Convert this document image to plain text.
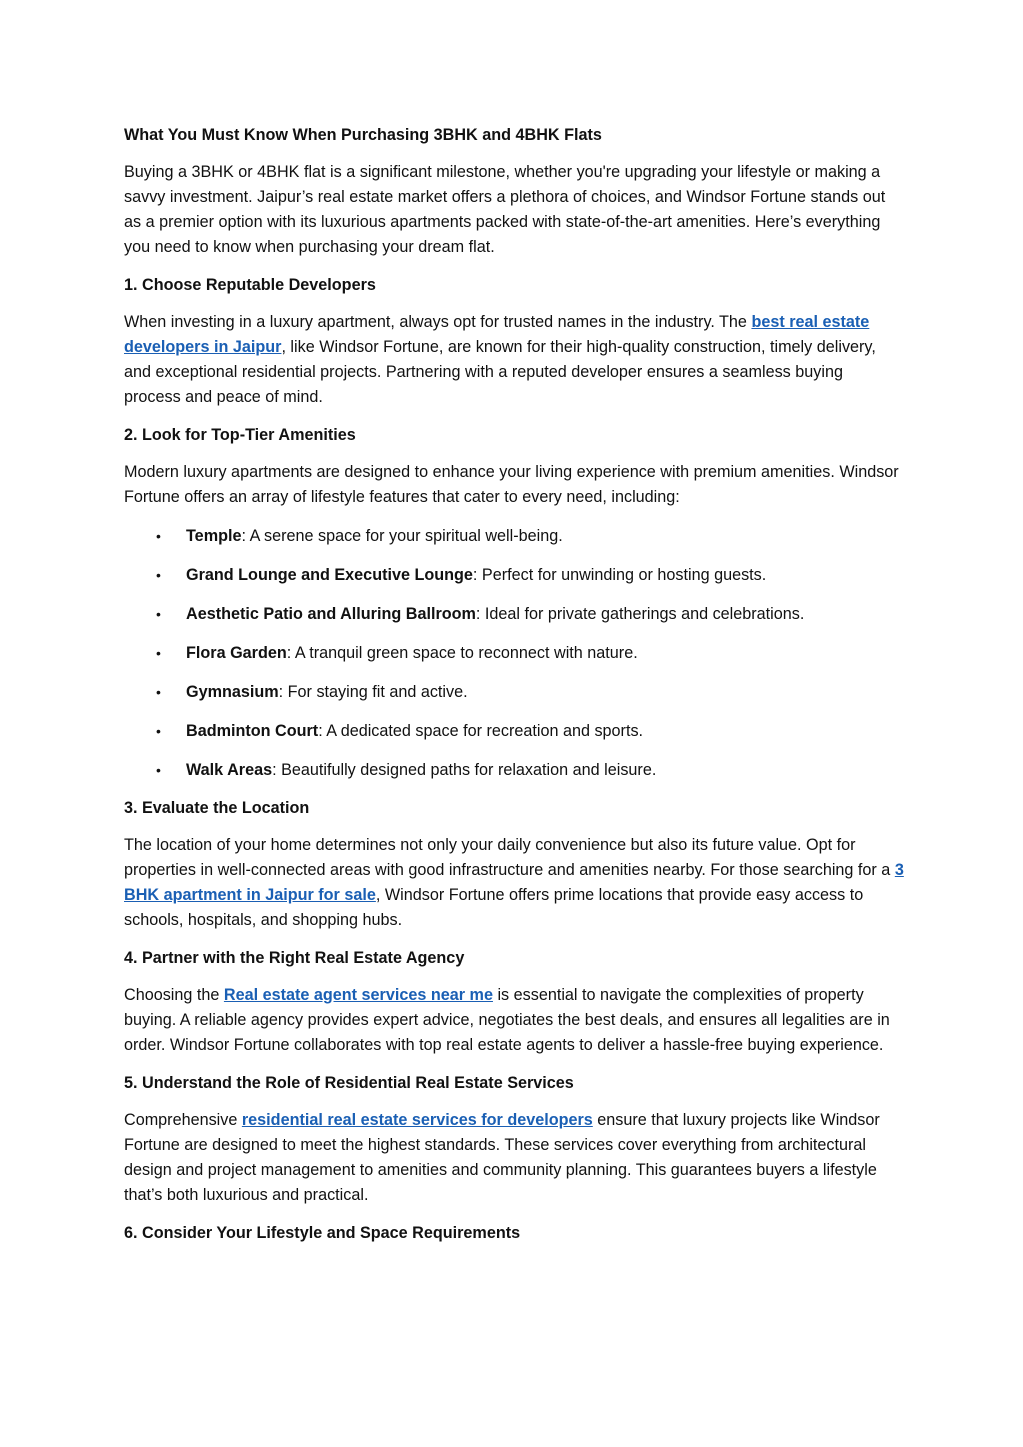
What You Must Know When Purchasing 3BHK and 4BHK Flats

Buying a 3BHK or 4BHK flat is a significant milestone, whether you're upgrading your lifestyle or making a savvy investment. Jaipur’s real estate market offers a plethora of choices, and Windsor Fortune stands out as a premier option with its luxurious apartments packed with state-of-the-art amenities. Here’s everything you need to know when purchasing your dream flat.

1. Choose Reputable Developers

When investing in a luxury apartment, always opt for trusted names in the industry. The best real estate developers in Jaipur, like Windsor Fortune, are known for their high-quality construction, timely delivery, and exceptional residential projects. Partnering with a reputed developer ensures a seamless buying process and peace of mind.

2. Look for Top-Tier Amenities

Modern luxury apartments are designed to enhance your living experience with premium amenities. Windsor Fortune offers an array of lifestyle features that cater to every need, including:

• Temple: A serene space for your spiritual well-being.
• Grand Lounge and Executive Lounge: Perfect for unwinding or hosting guests.
• Aesthetic Patio and Alluring Ballroom: Ideal for private gatherings and celebrations.
• Flora Garden: A tranquil green space to reconnect with nature.
• Gymnasium: For staying fit and active.
• Badminton Court: A dedicated space for recreation and sports.
• Walk Areas: Beautifully designed paths for relaxation and leisure.
3. Evaluate the Location

The location of your home determines not only your daily convenience but also its future value. Opt for properties in well-connected areas with good infrastructure and amenities nearby. For those searching for a 3 BHK apartment in Jaipur for sale, Windsor Fortune offers prime locations that provide easy access to schools, hospitals, and shopping hubs.

4. Partner with the Right Real Estate Agency

Choosing the Real estate agent services near me is essential to navigate the complexities of property buying. A reliable agency provides expert advice, negotiates the best deals, and ensures all legalities are in order. Windsor Fortune collaborates with top real estate agents to deliver a hassle-free buying experience.

5. Understand the Role of Residential Real Estate Services

Comprehensive residential real estate services for developers ensure that luxury projects like Windsor Fortune are designed to meet the highest standards. These services cover everything from architectural design and project management to amenities and community planning. This guarantees buyers a lifestyle that’s both luxurious and practical.

6. Consider Your Lifestyle and Space Requirements
